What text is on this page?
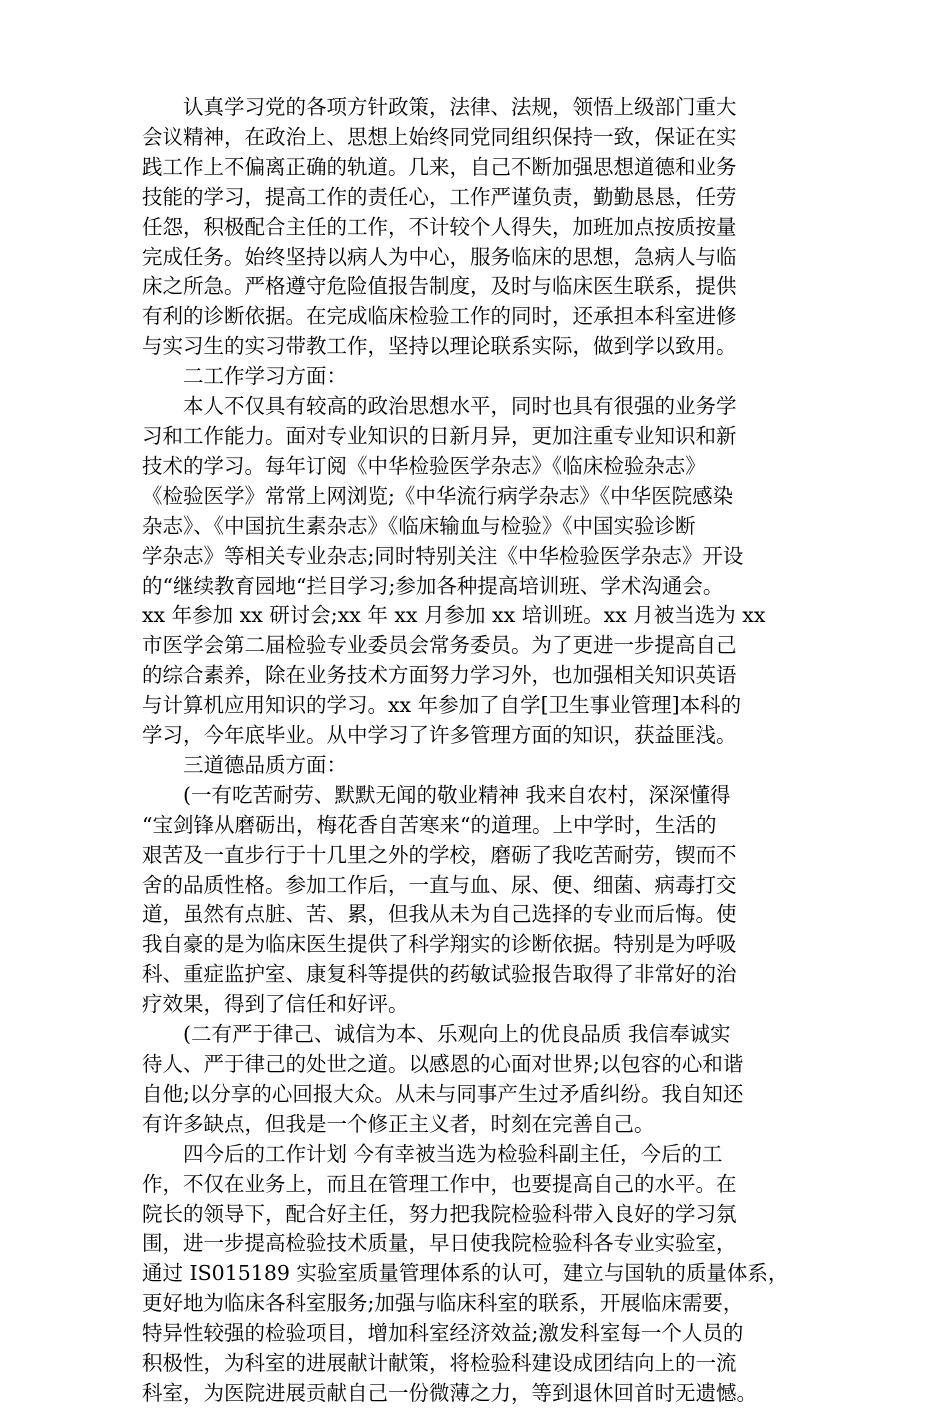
认真学习党的各项方针政策，法律、法规，领悟上级部门重大
会议精神，在政治上、思想上始终同党同组织保持一致，保证在实
践工作上不偏离正确的轨道。几来，自己不断加强思想道德和业务
技能的学习，提高工作的责任心，工作严谨负责，勤勤恳恳，任劳
任怨，积极配合主任的工作，不计较个人得失，加班加点按质按量
完成任务。始终坚持以病人为中心，服务临床的思想，急病人与临
床之所急。严格遵守危险值报告制度，及时与临床医生联系，提供
有利的诊断依据。在完成临床检验工作的同时，还承担本科室进修
与实习生的实习带教工作，坚持以理论联系实际，做到学以致用。
二工作学习方面：
本人不仅具有较高的政治思想水平，同时也具有很强的业务学
习和工作能力。面对专业知识的日新月异，更加注重专业知识和新
技术的学习。每年订阅《中华检验医学杂志》《临床检验杂志》
《检验医学》常常上网浏览;《中华流行病学杂志》《中华医院感染
杂志》、《中国抗生素杂志》《临床输血与检验》《中国实验诊断
学杂志》等相关专业杂志;同时特别关注《中华检验医学杂志》开设
的“继续教育园地“拦目学习;参加各种提高培训班、学术沟通会。
xx 年参加 xx 研讨会;xx 年 xx 月参加 xx 培训班。xx 月被当选为 xx
市医学会第二届检验专业委员会常务委员。为了更进一步提高自己
的综合素养，除在业务技术方面努力学习外，也加强相关知识英语
与计算机应用知识的学习。xx 年参加了自学[卫生事业管理]本科的
学习，今年底毕业。从中学习了许多管理方面的知识，获益匪浅。
三道德品质方面：
(一有吃苦耐劳、默默无闻的敬业精神 我来自农村，深深懂得
“宝剑锋从磨砺出，梅花香自苦寒来“的道理。上中学时，生活的
艰苦及一直步行于十几里之外的学校，磨砺了我吃苦耐劳，锲而不
舍的品质性格。参加工作后，一直与血、尿、便、细菌、病毒打交
道，虽然有点脏、苦、累，但我从未为自己选择的专业而后悔。使
我自豪的是为临床医生提供了科学翔实的诊断依据。特别是为呼吸
科、重症监护室、康复科等提供的药敏试验报告取得了非常好的治
疗效果，得到了信任和好评。
(二有严于律己、诚信为本、乐观向上的优良品质 我信奉诚实
待人、严于律己的处世之道。以感恩的心面对世界;以包容的心和谐
自他;以分享的心回报大众。从未与同事产生过矛盾纠纷。我自知还
有许多缺点，但我是一个修正主义者，时刻在完善自己。
四今后的工作计划 今有幸被当选为检验科副主任，今后的工
作，不仅在业务上，而且在管理工作中，也要提高自己的水平。在
院长的领导下，配合好主任，努力把我院检验科带入良好的学习氛
围，进一步提高检验技术质量，早日使我院检验科各专业实验室，
通过 IS015189 实验室质量管理体系的认可，建立与国轨的质量体系，
更好地为临床各科室服务;加强与临床科室的联系，开展临床需要，
特异性较强的检验项目，增加科室经济效益;激发科室每一个人员的
积极性，为科室的进展献计献策，将检验科建设成团结向上的一流
科室，为医院进展贡献自己一份微薄之力，等到退休回首时无遗憾。
